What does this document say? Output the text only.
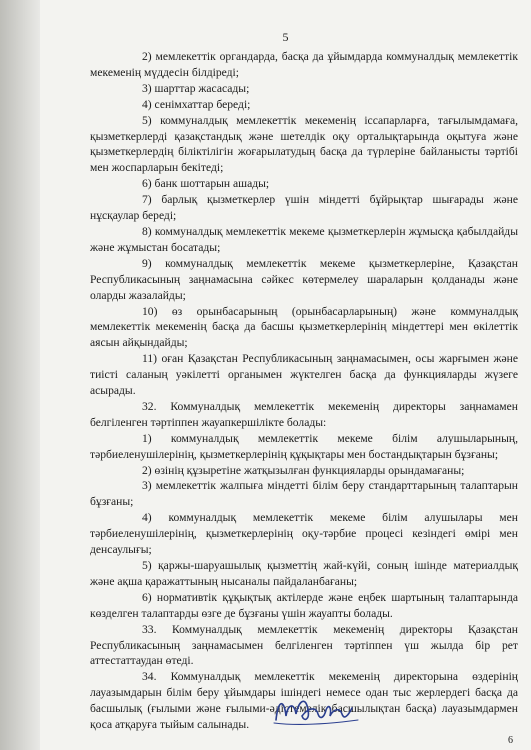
5

2) мемлекеттік органдарда, басқа да ұйымдарда коммуналдық мемлекеттік мекеменің мүддесін білдіреді;

3) шарттар жасасады;

4) сенімхаттар береді;

5) коммуналдық мемлекеттік мекеменің іссапарларға, тағылымдамаға, қызметкерлерді қазақстандық және шетелдік оқу орталықтарында оқытуға және қызметкерлердің біліктілігін жоғарылатудың басқа да түрлеріне байланысты тәртібі мен жоспарларын бекітеді;

6) банк шоттарын ашады;

7) барлық қызметкерлер үшін міндетті бұйрықтар шығарады және нұсқаулар береді;

8) коммуналдық мемлекеттік мекеме қызметкерлерін жұмысқа қабылдайды және жұмыстан босатады;

9) коммуналдық мемлекеттік мекеме қызметкерлеріне, Қазақстан Республикасының заңнамасына сәйкес көтермелеу шараларын қолданады және оларды жазалайды;

10) өз орынбасарының (орынбасарларының) және коммуналдық мемлекеттік мекеменің басқа да басшы қызметкерлерінің міндеттері мен өкілеттік аясын айқындайды;

11) оған Қазақстан Республикасының заңнамасымен, осы жарғымен және тиісті саланың уәкілетті органымен жүктелген басқа да функцияларды жүзеге асырады.

32. Коммуналдық мемлекеттік мекеменің директоры заңнамамен белгіленген тәртіппен жауапкершілікте болады:

1) коммуналдық мемлекеттік мекеме білім алушыларының, тәрбиеленушілерінің, қызметкерлерінің құқықтары мен бостандықтарын бұзғаны;

2) өзінің құзыретіне жатқызылған функцияларды орындамағаны;

3) мемлекеттік жалпыға міндетті білім беру стандарттарының талаптарын бұзғаны;

4) коммуналдық мемлекеттік мекеме білім алушылары мен тәрбиеленушілерінің, қызметкерлерінің оқу-тәрбие процесі кезіндегі өмірі мен денсаулығы;

5) қаржы-шаруашылық қызметтің жай-күйі, соның ішінде материалдық және ақша қаражаттының нысаналы пайдаланбағаны;

6) нормативтік құқықтық актілерде және еңбек шартының талаптарында көзделген талаптарды өзге де бұзғаны үшін жауапты болады.

33. Коммуналдық мемлекеттік мекеменің директоры Қазақстан Республикасының заңнамасымен белгіленген тәртіппен үш жылда бір рет аттестаттаудан өтеді.

34. Коммуналдық мемлекеттік мекеменің директорына өздерінің лауазымдарын білім беру ұйымдары ішіндегі немесе одан тыс жерлердегі басқа да басшылық (ғылыми және ғылыми-әдістемелік басшылықтан басқа) лауазымдармен қоса атқаруға тыйым салынады.

6
